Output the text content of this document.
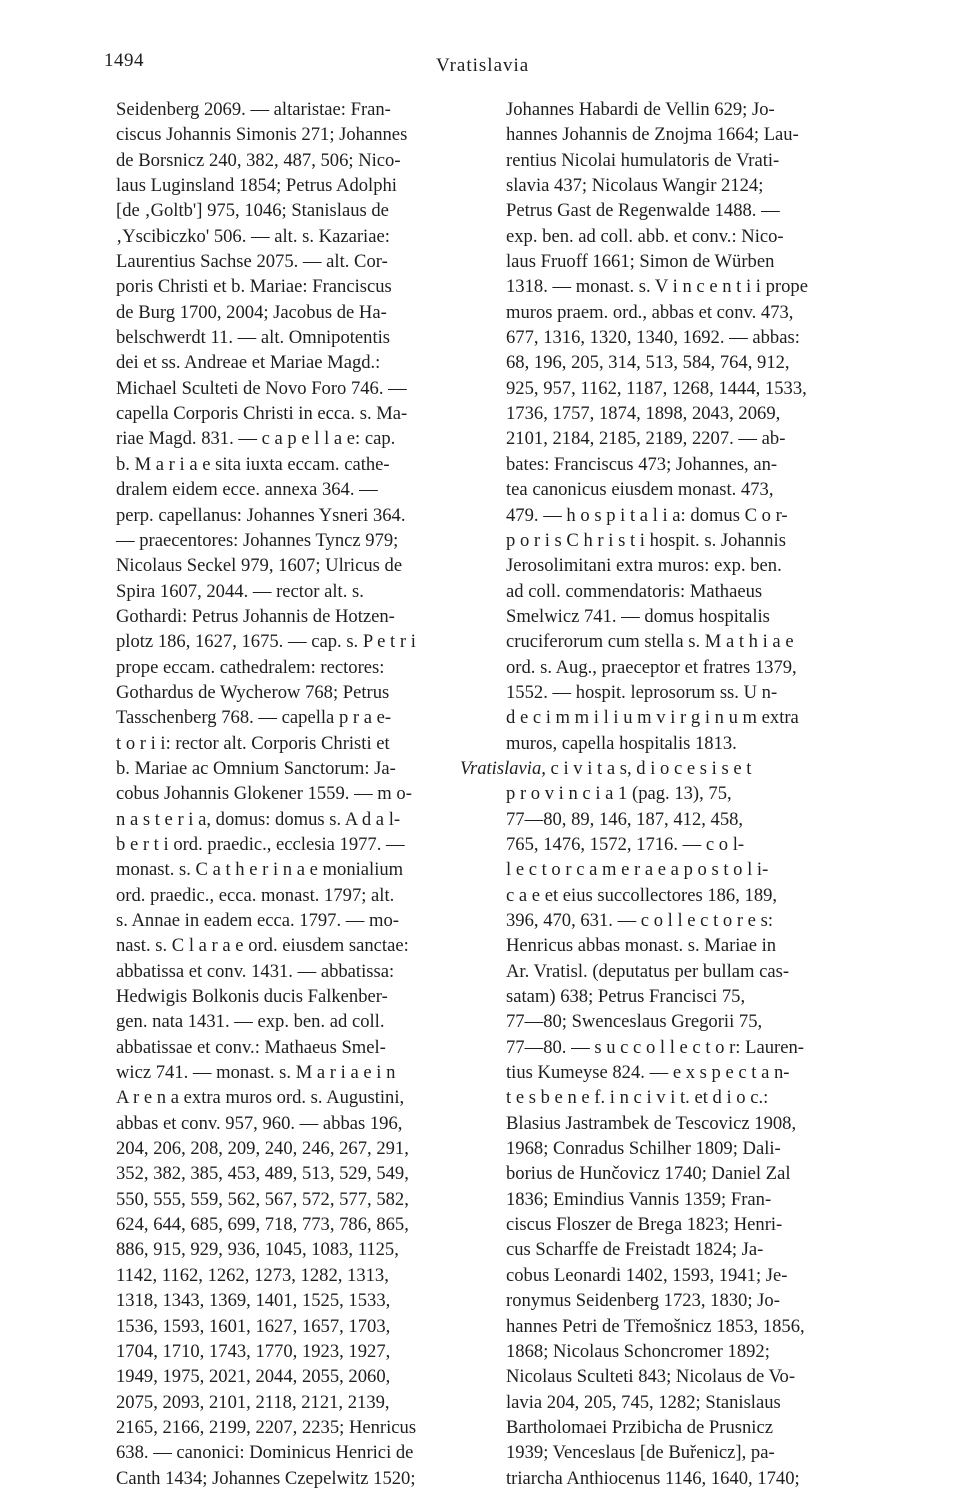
1494	Vratislavia
Seidenberg 2069. — altaristae: Fran-
ciscus Johannis Simonis 271; Johannes
de Borsnicz 240, 382, 487, 506; Nico-
laus Luginsland 1854; Petrus Adolphi
[de ‚Goltb'] 975, 1046; Stanislaus de
‚Yscibiczko' 506. — alt. s. Kazariae:
Laurentius Sachse 2075. — alt. Cor-
poris Christi et b. Mariae: Franciscus
de Burg 1700, 2004; Jacobus de Ha-
belschwerdt 11. — alt. Omnipotentis
dei et ss. Andreae et Mariae Magd.:
Michael Sculteti de Novo Foro 746. —
capella Corporis Christi in ecca. s. Ma-
riae Magd. 831. — c a p e l l a e: cap.
b. M a r i a e sita iuxta eccam. cathe-
dralem eidem ecce. annexa 364. —
perp. capellanus: Johannes Ysneri 364.
— praecentores: Johannes Tyncz 979;
Nicolaus Seckel 979, 1607; Ulricus de
Spira 1607, 2044. — rector alt. s.
Gothardi: Petrus Johannis de Hotzen-
plotz 186, 1627, 1675. — cap. s. P e t r i
prope eccam. cathedralem: rectores:
Gothardus de Wycherow 768; Petrus
Tasschenberg 768. — capella p r a e-
t o r i i: rector alt. Corporis Christi et
b. Mariae ac Omnium Sanctorum: Ja-
cobus Johannis Glokener 1559. — m o-
n a s t e r i a, domus: domus s. A d a l-
b e r t i ord. praedic., ecclesia 1977. —
monast. s. C a t h e r i n a e monialium
ord. praedic., ecca. monast. 1797; alt.
s. Annae in eadem ecca. 1797. — mo-
nast. s. C l a r a e ord. eiusdem sanctae:
abbatissa et conv. 1431. — abbatissa:
Hedwigis Bolkonis ducis Falkenber-
gen. nata 1431. — exp. ben. ad coll.
abbatissae et conv.: Mathaeus Smel-
wicz 741. — monast. s. M a r i a e i n
A r e n a extra muros ord. s. Augustini,
abbas et conv. 957, 960. — abbas 196,
204, 206, 208, 209, 240, 246, 267, 291,
352, 382, 385, 453, 489, 513, 529, 549,
550, 555, 559, 562, 567, 572, 577, 582,
624, 644, 685, 699, 718, 773, 786, 865,
886, 915, 929, 936, 1045, 1083, 1125,
1142, 1162, 1262, 1273, 1282, 1313,
1318, 1343, 1369, 1401, 1525, 1533,
1536, 1593, 1601, 1627, 1657, 1703,
1704, 1710, 1743, 1770, 1923, 1927,
1949, 1975, 2021, 2044, 2055, 2060,
2075, 2093, 2101, 2118, 2121, 2139,
2165, 2166, 2199, 2207, 2235; Henricus
638. — canonici: Dominicus Henrici de
Canth 1434; Johannes Czepelwitz 1520;
Johannes Habardi de Vellin 629; Jo-
hannes Johannis de Znojma 1664; Lau-
rentius Nicolai humulatoris de Vrati-
slavia 437; Nicolaus Wangir 2124;
Petrus Gast de Regenwalde 1488. —
exp. ben. ad coll. abb. et conv.: Nico-
laus Fruoff 1661; Simon de Würben
1318. — monast. s. V i n c e n t i i prope
muros praem. ord., abbas et conv. 473,
677, 1316, 1320, 1340, 1692. — abbas:
68, 196, 205, 314, 513, 584, 764, 912,
925, 957, 1162, 1187, 1268, 1444, 1533,
1736, 1757, 1874, 1898, 2043, 2069,
2101, 2184, 2185, 2189, 2207. — ab-
bates: Franciscus 473; Johannes, an-
tea canonicus eiusdem monast. 473,
479. — h o s p i t a l i a: domus C o r-
p o r i s C h r i s t i hospit. s. Johannis
Jerosolimitani extra muros: exp. ben.
ad coll. commendatoris: Mathaeus
Smelwicz 741. — domus hospitalis
cruciferorum cum stella s. M a t h i a e
ord. s. Aug., praeceptor et fratres 1379,
1552. — hospit. leprosorum ss. U n-
d e c i m m i l i u m v i r g i n u m extra
muros, capella hospitalis 1813.
Vratislavia, c i v i t a s, d i o c e s i s e t
p r o v i n c i a 1 (pag. 13), 75,
77—80, 89, 146, 187, 412, 458,
765, 1476, 1572, 1716. — c o l-
l e c t o r c a m e r a e a p o s t o l i-
c a e et eius succollectores 186, 189,
396, 470, 631. — c o l l e c t o r e s:
Henricus abbas monast. s. Mariae in
Ar. Vratisl. (deputatus per bullam cas-
satam) 638; Petrus Francisci 75,
77—80; Swenceslaus Gregorii 75,
77—80. — s u c c o l l e c t o r: Lauren-
tius Kumeyse 824. — e x s p e c t a n-
t e s b e n e f. i n c i v i t. et d i o c.:
Blasius Jastrambek de Tescovicz 1908,
1968; Conradus Schilher 1809; Dali-
borius de Hunčovicz 1740; Daniel Zal
1836; Emindius Vannis 1359; Fran-
ciscus Floszer de Brega 1823; Henri-
cus Scharffe de Freistadt 1824; Ja-
cobus Leonardi 1402, 1593, 1941; Je-
ronymus Seidenberg 1723, 1830; Jo-
hannes Petri de Třemošnicz 1853, 1856,
1868; Nicolaus Schoncromer 1892;
Nicolaus Sculteti 843; Nicolaus de Vo-
lavia 204, 205, 745, 1282; Stanislaus
Bartholomaei Przibicha de Prusnicz
1939; Venceslaus [de Buřenicz], pa-
triarcha Anthiocenus 1146, 1640, 1740;
